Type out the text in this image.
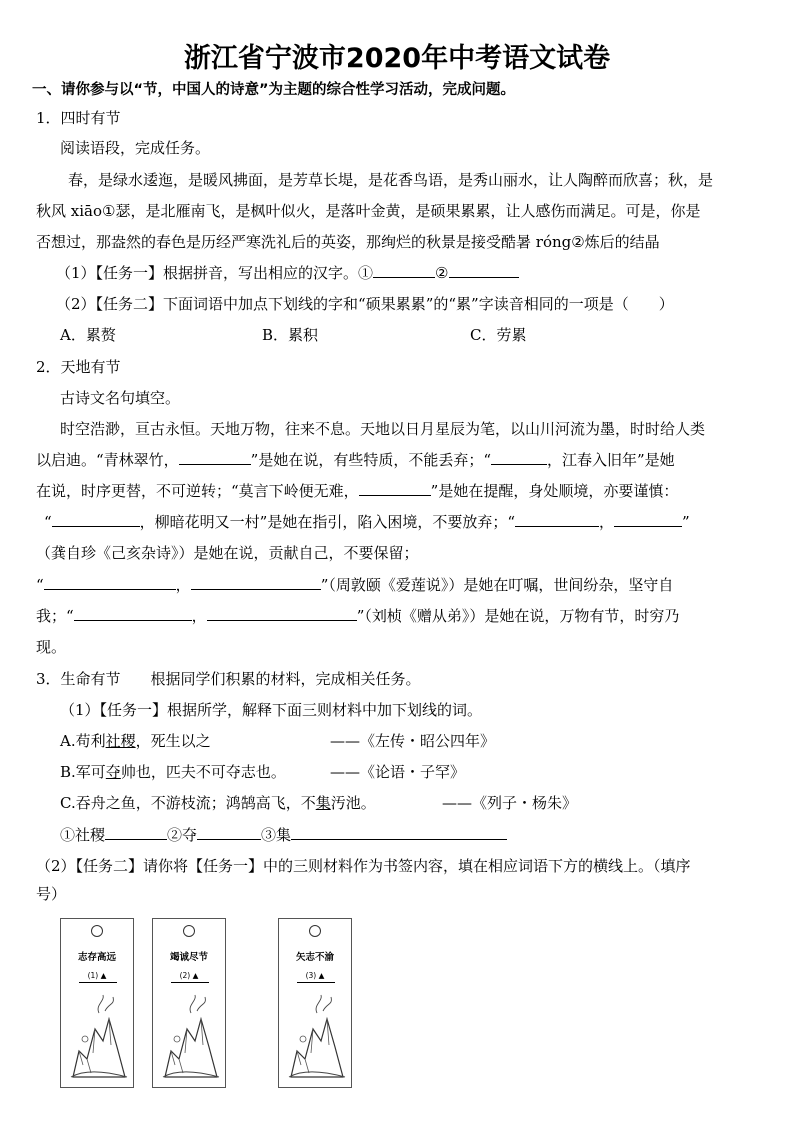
浙江省宁波市2020年中考语文试卷
一、请你参与以“节，中国人的诗意”为主题的综合性学习活动，完成问题。
1．四时有节
阅读语段，完成任务。
春，是绿水逶迤，是暖风拂面，是芳草长堤，是花香鸟语，是秀山丽水，让人陶醉而欣喜；秋，是
秋风 xiāo①瑟，是北雁南飞，是枫叶似火，是落叶金黄，是硕果累累，让人感伤而满足。可是，你是
否想过，那盎然的春色是历经严寒洗礼后的英姿，那绚烂的秋景是接受酷暑 róng②炼后的结晶
（1）【任务一】根据拼音，写出相应的汉字。①	②
（2）【任务二】下面词语中加点下划线的字和“硕果累累”的“累”字读音相同的一项是（　　）
A．累赘	B．累积	C．劳累
2．天地有节
古诗文名句填空。
时空浩渺，亘古永恒。天地万物，往来不息。天地以日月星辰为笔，以山川河流为墨，时时给人类
以启迪。“青林翠竹，	”是她在说，有些特质，不能丢弃；“	，江春入旧年”是她
在说，时序更替，不可逆转；“莫言下岭便无难，	”是她在提醒，身处顺境，亦要谨慎：
“	，柳暗花明又一村”是她在指引，陷入困境，不要放弃；“	，	”
（龚自珍《己亥杂诗》）是她在说，贡献自己，不要保留；
“	，	”（周敦颐《爱莲说》）是她在叮嘱，世间纷杂，坚守自
我；“	，	”（刘桢《赠从弟》）是她在说，万物有节，时穷乃
现。
3．生命有节　　根据同学们积累的材料，完成相关任务。
（1）【任务一】根据所学，解释下面三则材料中加下划线的词。
A.苟利社稷，死生以之	——《左传・昭公四年》
B.军可夺帅也，匹夫不可夺志也。	——《论语・子罕》
C.吞舟之鱼，不游枝流；鸿鹄高飞，不集汚池。	——《列子・杨朱》
①社稷	②夺	③集
（2）【任务二】请你将【任务一】中的三则材料作为书签内容，填在相应词语下方的横线上。（填序
号）
志存高远
(1) ▲
竭诚尽节
(2) ▲
矢志不渝
(3) ▲
